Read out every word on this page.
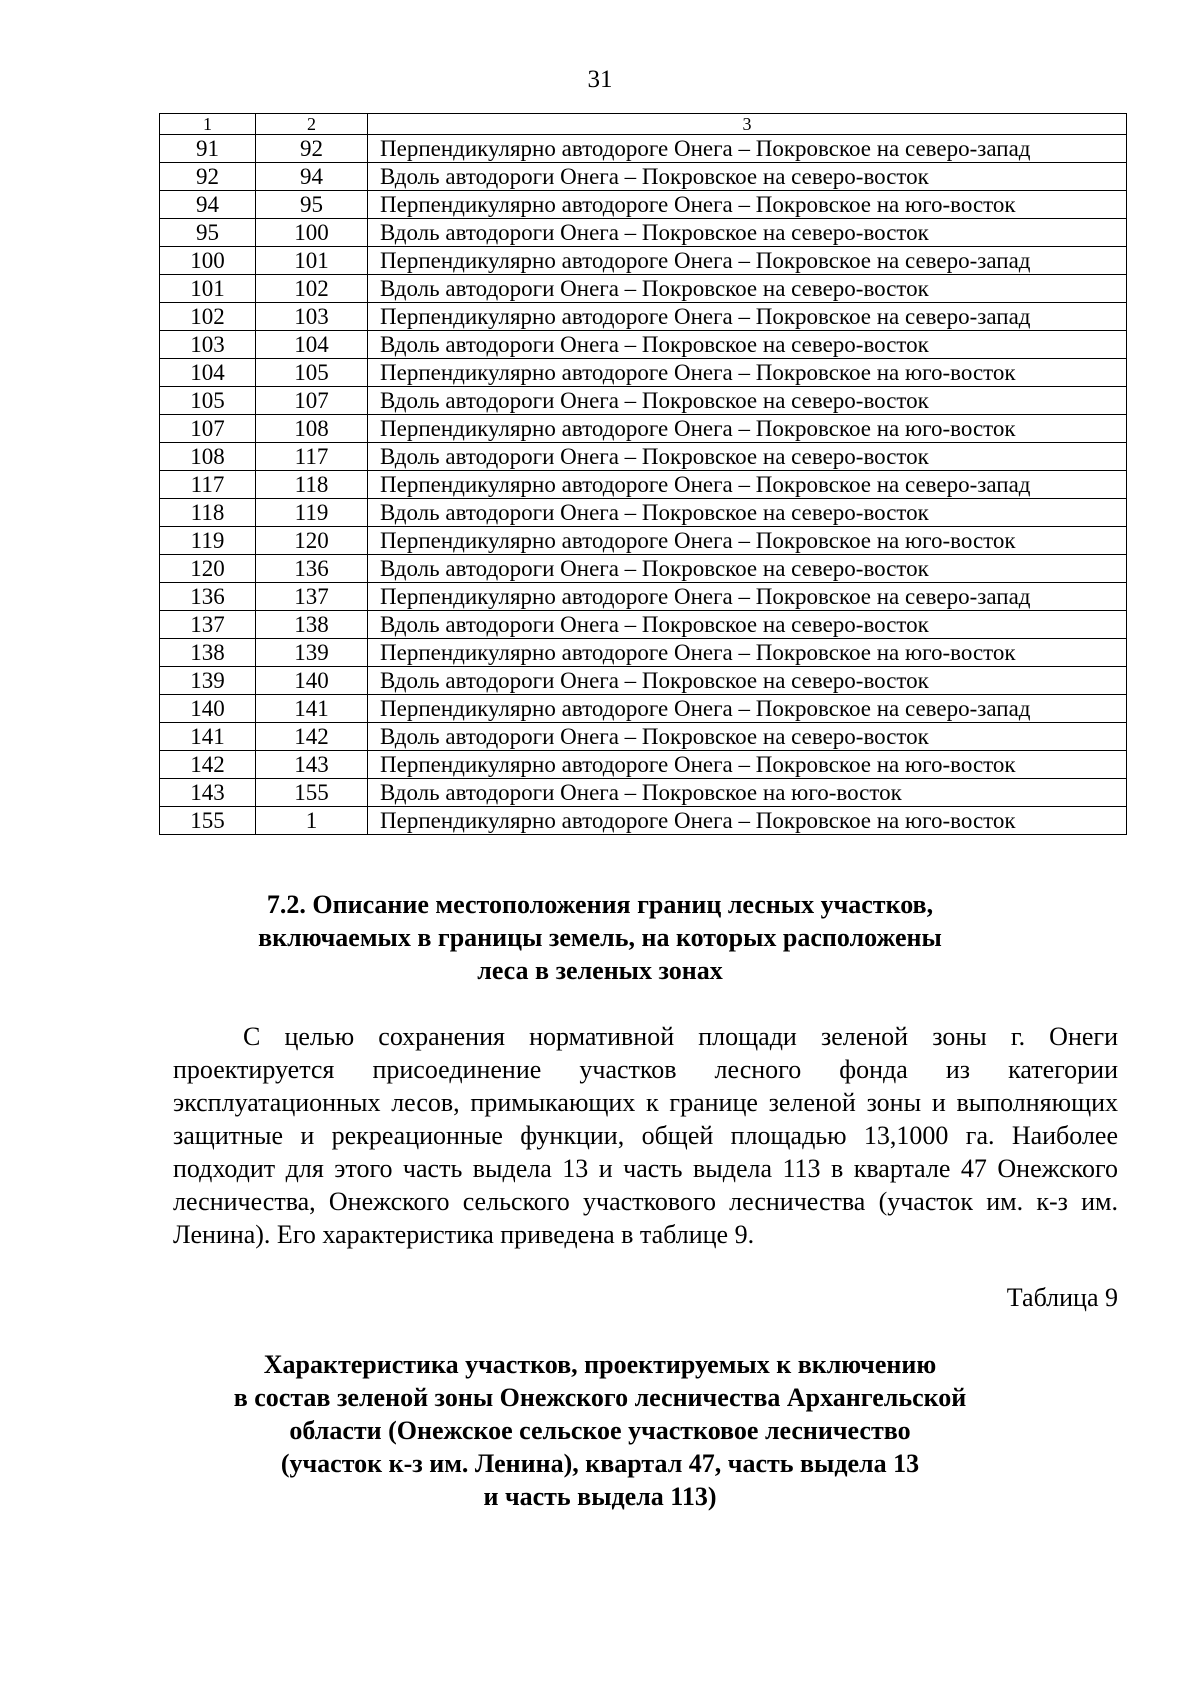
31
1	2	3
91	92	Перпендикулярно автодороге Онега – Покровское на северо-запад
92	94	Вдоль автодороги Онега – Покровское на северо-восток
94	95	Перпендикулярно автодороге Онега – Покровское на юго-восток
95	100	Вдоль автодороги Онега – Покровское на северо-восток
100	101	Перпендикулярно автодороге Онега – Покровское на северо-запад
101	102	Вдоль автодороги Онега – Покровское на северо-восток
102	103	Перпендикулярно автодороге Онега – Покровское на северо-запад
103	104	Вдоль автодороги Онега – Покровское на северо-восток
104	105	Перпендикулярно автодороге Онега – Покровское на юго-восток
105	107	Вдоль автодороги Онега – Покровское на северо-восток
107	108	Перпендикулярно автодороге Онега – Покровское на юго-восток
108	117	Вдоль автодороги Онега – Покровское на северо-восток
117	118	Перпендикулярно автодороге Онега – Покровское на северо-запад
118	119	Вдоль автодороги Онега – Покровское на северо-восток
119	120	Перпендикулярно автодороге Онега – Покровское на юго-восток
120	136	Вдоль автодороги Онега – Покровское на северо-восток
136	137	Перпендикулярно автодороге Онега – Покровское на северо-запад
137	138	Вдоль автодороги Онега – Покровское на северо-восток
138	139	Перпендикулярно автодороге Онега – Покровское на юго-восток
139	140	Вдоль автодороги Онега – Покровское на северо-восток
140	141	Перпендикулярно автодороге Онега – Покровское на северо-запад
141	142	Вдоль автодороги Онега – Покровское на северо-восток
142	143	Перпендикулярно автодороге Онега – Покровское на юго-восток
143	155	Вдоль автодороги Онега – Покровское на юго-восток
155	1	Перпендикулярно автодороге Онега – Покровское на юго-восток
7.2. Описание местоположения границ лесных участков,
включаемых в границы земель, на которых расположены
леса в зеленых зонах

С целью сохранения нормативной площади зеленой зоны г. Онеги проектируется присоединение участков лесного фонда из категории эксплуатационных лесов, примыкающих к границе зеленой зоны и выполняющих защитные и рекреационные функции, общей площадью 13,1000 га. Наиболее подходит для этого часть выдела 13 и часть выдела 113 в квартале 47 Онежского лесничества, Онежского сельского участкового лесничества (участок им. к-з им. Ленина). Его характеристика приведена в таблице 9.

Таблица 9
Характеристика участков, проектируемых к включению
в состав зеленой зоны Онежского лесничества Архангельской
области (Онежское сельское участковое лесничество
(участок к-з им. Ленина), квартал 47, часть выдела 13
и часть выдела 113)
